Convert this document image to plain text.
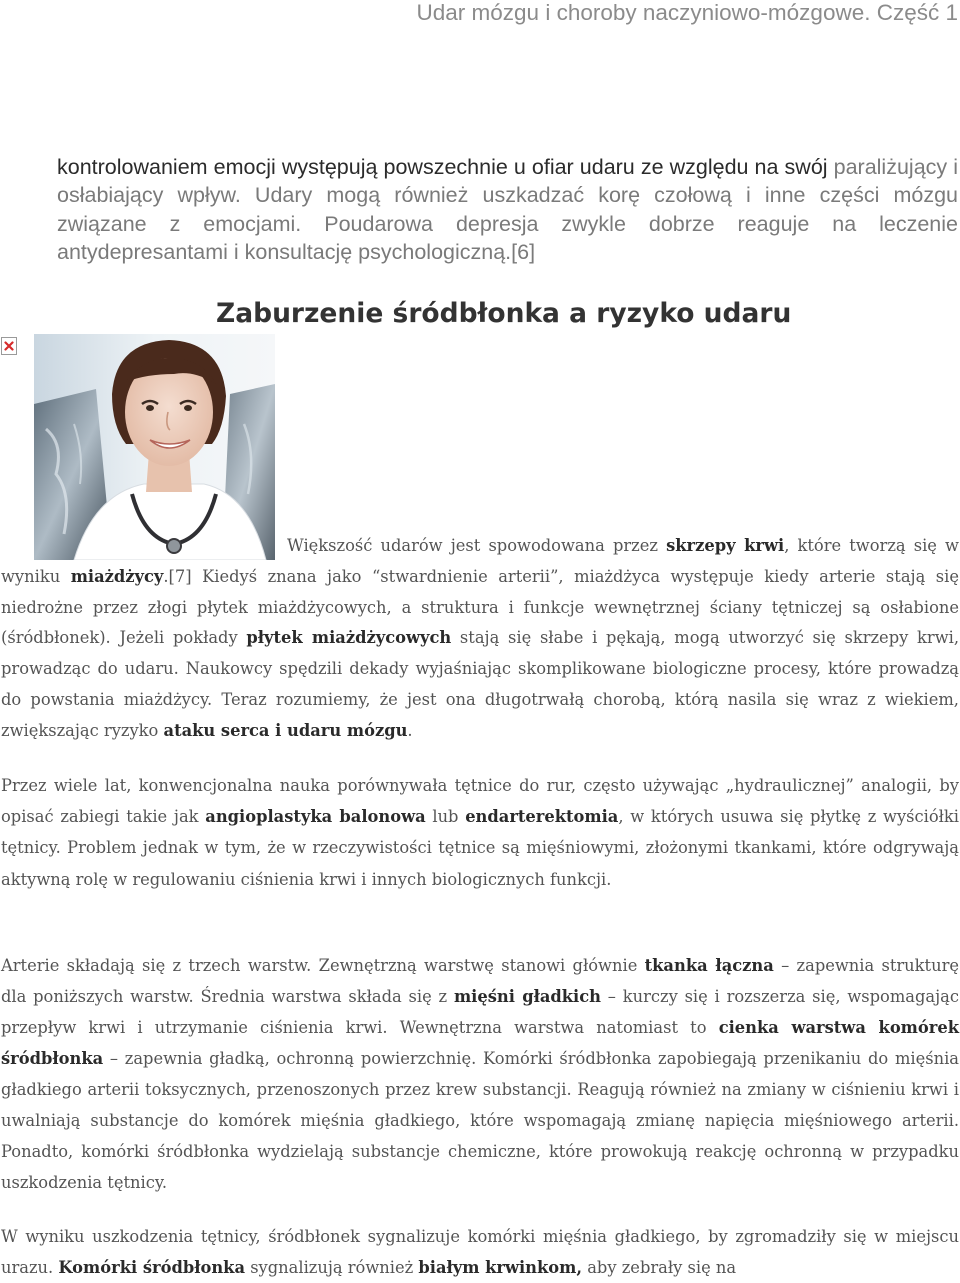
Udar mózgu i choroby naczyniowo-mózgowe. Część 1

kontrolowaniem emocji występują powszechnie u ofiar udaru ze względu na swój paraliżujący i osłabiający wpływ. Udary mogą również uszkadzać korę czołową i inne części mózgu związane z emocjami. Poudarowa depresja zwykle dobrze reaguje na leczenie antydepresantami i konsultację psychologiczną.[6]

Zaburzenie śródbłonka a ryzyko udaru

Większość udarów jest spowodowana przez skrzepy krwi, które tworzą się w wyniku miażdżycy.[7] Kiedyś znana jako “stwardnienie arterii”, miażdżyca występuje kiedy arterie stają się niedrożne przez złogi płytek miażdżycowych, a struktura i funkcje wewnętrznej ściany tętniczej są osłabione (śródbłonek). Jeżeli pokłady płytek miażdżycowych stają się słabe i pękają, mogą utworzyć się skrzepy krwi, prowadząc do udaru. Naukowcy spędzili dekady wyjaśniając skomplikowane biologiczne procesy, które prowadzą do powstania miażdżycy. Teraz rozumiemy, że jest ona długotrwałą chorobą, którą nasila się wraz z wiekiem, zwiększając ryzyko ataku serca i udaru mózgu.

Przez wiele lat, konwencjonalna nauka porównywała tętnice do rur, często używając „hydraulicznej” analogii, by opisać zabiegi takie jak angioplastyka balonowa lub endarterektomia, w których usuwa się płytkę z wyściółki tętnicy. Problem jednak w tym, że w rzeczywistości tętnice są mięśniowymi, złożonymi tkankami, które odgrywają aktywną rolę w regulowaniu ciśnienia krwi i innych biologicznych funkcji.

Arterie składają się z trzech warstw. Zewnętrzną warstwę stanowi głównie tkanka łączna – zapewnia strukturę dla poniższych warstw. Średnia warstwa składa się z mięśni gładkich – kurczy się i rozszerza się, wspomagając przepływ krwi i utrzymanie ciśnienia krwi. Wewnętrzna warstwa natomiast to cienka warstwa komórek śródbłonka – zapewnia gładką, ochronną powierzchnię. Komórki śródbłonka zapobiegają przenikaniu do mięśnia gładkiego arterii toksycznych, przenoszonych przez krew substancji. Reagują również na zmiany w ciśnieniu krwi i uwalniają substancje do komórek mięśnia gładkiego, które wspomagają zmianę napięcia mięśniowego arterii. Ponadto, komórki śródbłonka wydzielają substancje chemiczne, które prowokują reakcję ochronną w przypadku uszkodzenia tętnicy.

W wyniku uszkodzenia tętnicy, śródbłonek sygnalizuje komórki mięśnia gładkiego, by zgromadziły się w miejscu urazu. Komórki śródbłonka sygnalizują również białym krwinkom, aby zebrały się na
